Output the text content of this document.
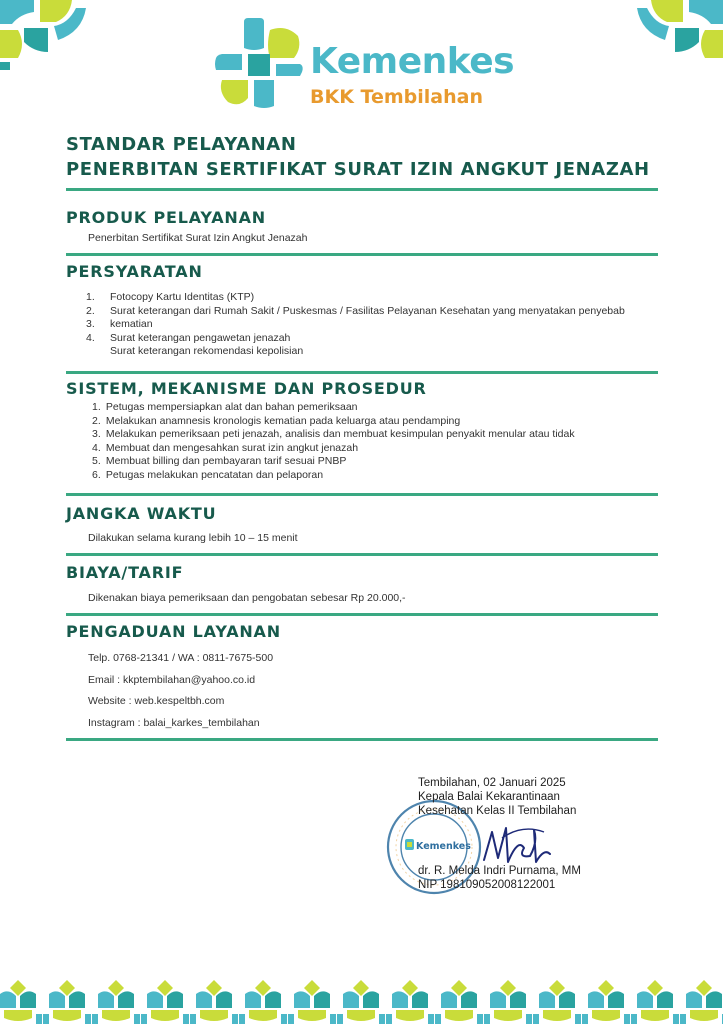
Kemenkes
BKK Tembilahan
STANDAR PELAYANAN
PENERBITAN SERTIFIKAT SURAT IZIN ANGKUT JENAZAH
PRODUK PELAYANAN

Penerbitan Sertifikat Surat Izin Angkut Jenazah

PERSYARATAN
1. Fotocopy Kartu Identitas (KTP)
2. Surat keterangan dari Rumah Sakit / Puskesmas / Fasilitas Pelayanan Kesehatan yang menyatakan penyebab
3. kematian
4. Surat keterangan pengawetan jenazah
Surat keterangan rekomendasi kepolisian
SISTEM, MEKANISME DAN PROSEDUR
1. Petugas mempersiapkan alat dan bahan pemeriksaan
2. Melakukan anamnesis kronologis kematian pada keluarga atau pendamping
3. Melakukan pemeriksaan peti jenazah, analisis dan membuat kesimpulan penyakit menular atau tidak
4. Membuat dan mengesahkan surat izin angkut jenazah
5. Membuat billing dan pembayaran tarif sesuai PNBP
6. Petugas melakukan pencatatan dan pelaporan
JANGKA WAKTU

Dilakukan selama kurang lebih 10 – 15 menit

BIAYA/TARIF

Dikenakan biaya pemeriksaan dan pengobatan sebesar Rp 20.000,-

PENGADUAN LAYANAN

Telp. 0768-21341 / WA : 0811-7675-500

Email : kkptembilahan@yahoo.co.id

Website : web.kespeltbh.com

Instagram : balai_karkes_tembilahan

Kemenkes

Tembilahan, 02 Januari 2025

Kepala Balai Kekarantinaan

Kesehatan Kelas II Tembilahan

dr. R. Melda Indri Purnama, MM

NIP 198109052008122001
